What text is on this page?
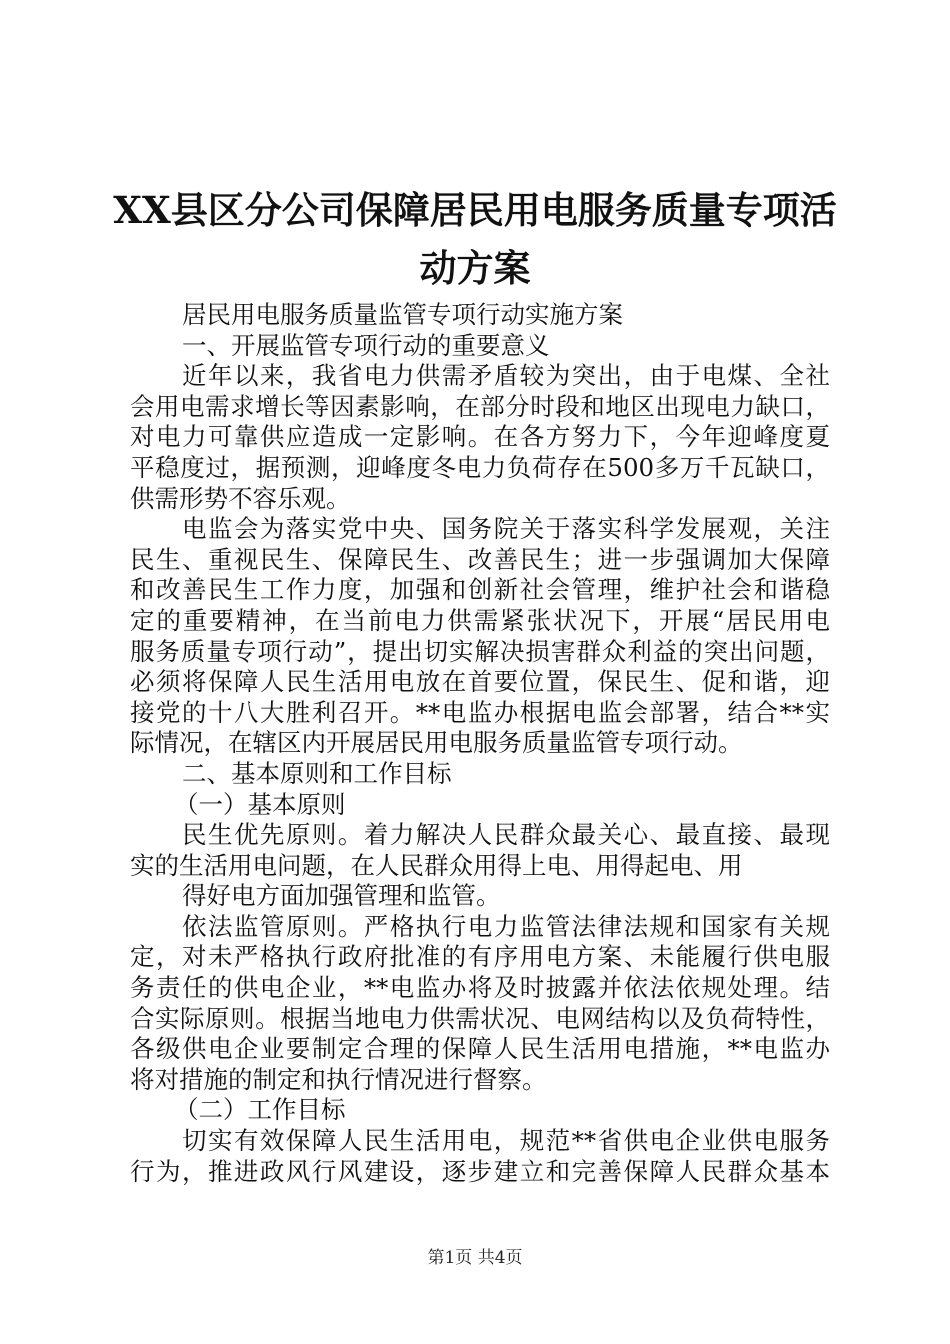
XX县区分公司保障居民用电服务质量专项活
动方案
居民用电服务质量监管专项行动实施方案
一、开展监管专项行动的重要意义
近年以来，我省电力供需矛盾较为突出，由于电煤、全社
会用电需求增长等因素影响，在部分时段和地区出现电力缺口，
对电力可靠供应造成一定影响。在各方努力下，今年迎峰度夏
平稳度过，据预测，迎峰度冬电力负荷存在500多万千瓦缺口，
供需形势不容乐观。
电监会为落实党中央、国务院关于落实科学发展观，关注
民生、重视民生、保障民生、改善民生；进一步强调加大保障
和改善民生工作力度，加强和创新社会管理，维护社会和谐稳
定的重要精神，在当前电力供需紧张状况下，开展“居民用电
服务质量专项行动”，提出切实解决损害群众利益的突出问题，
必须将保障人民生活用电放在首要位置，保民生、促和谐，迎
接党的十八大胜利召开。**电监办根据电监会部署，结合**实
际情况，在辖区内开展居民用电服务质量监管专项行动。
二、基本原则和工作目标
（一）基本原则
民生优先原则。着力解决人民群众最关心、最直接、最现
实的生活用电问题，在人民群众用得上电、用得起电、用
得好电方面加强管理和监管。
依法监管原则。严格执行电力监管法律法规和国家有关规
定，对未严格执行政府批准的有序用电方案、未能履行供电服
务责任的供电企业，**电监办将及时披露并依法依规处理。结
合实际原则。根据当地电力供需状况、电网结构以及负荷特性，
各级供电企业要制定合理的保障人民生活用电措施，**电监办
将对措施的制定和执行情况进行督察。
（二）工作目标
切实有效保障人民生活用电，规范**省供电企业供电服务
行为，推进政风行风建设，逐步建立和完善保障人民群众基本
第1页 共4页
